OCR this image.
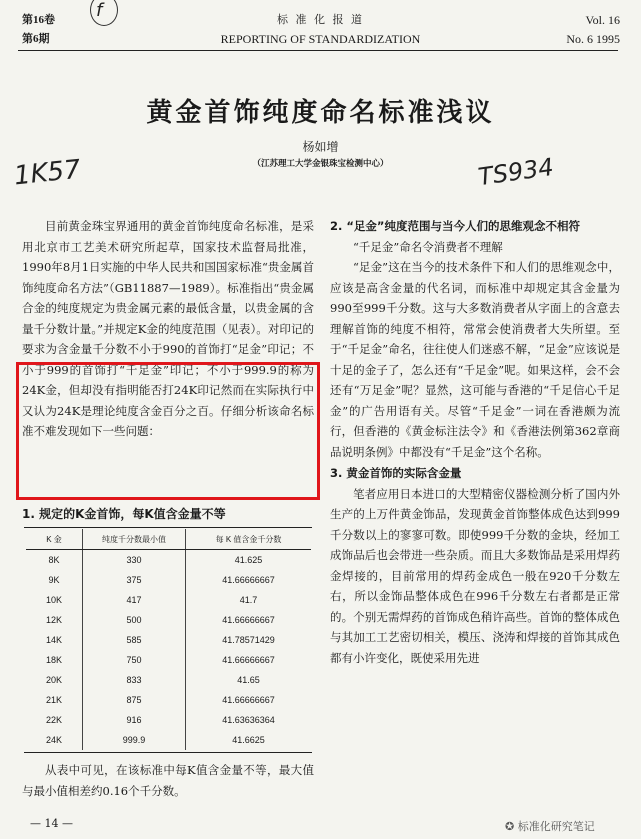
第16卷
第6期
标 准 化 报 道
REPORTING OF STANDARDIZATION
Vol. 16
No. 6 1995
f
1K57	TS934
黄金首饰纯度命名标准浅议
杨如增
（江苏理工大学金银珠宝检测中心）

目前黄金珠宝界通用的黄金首饰纯度命名标准，是采用北京市工艺美术研究所起草，国家技术监督局批准，1990年8月1日实施的中华人民共和国国家标准“贵金属首饰纯度命名方法”（GB11887—1989）。标准指出“贵金属合金的纯度规定为贵金属元素的最低含量，以贵金属的含量千分数计量。”并规定K金的纯度范围（见表）。对印记的要求为含金量千分数不小于990的首饰打“足金”印记；不小于999的首饰打“千足金”印记；不小于999.9的称为24K金，但却没有指明能否打24K印记然而在实际执行中又认为24K是理论纯度含金百分之百。仔细分析该命名标准不难发现如下一些问题：

1. 规定的K金首饰，每K值含金量不等
K 金	纯度千分数最小值	每 K 值含金千分数
8K	330	41.625
9K	375	41.66666667
10K	417	41.7
12K	500	41.66666667
14K	585	41.78571429
18K	750	41.66666667
20K	833	41.65
21K	875	41.66666667
22K	916	41.63636364
24K	999.9	41.6625

从表中可见，在该标准中每K值含金量不等，最大值与最小值相差约0.16个千分数。

— 14 —

2. “足金”纯度范围与当今人们的思维观念不相符

“千足金”命名令消费者不理解

“足金”这在当今的技术条件下和人们的思维观念中，应该是高含金量的代名词，而标准中却规定其含金量为990至999千分数。这与大多数消费者从字面上的含意去理解首饰的纯度不相符，常常会使消费者大失所望。至于“千足金”命名，往往使人们迷惑不解，“足金”应该说是十足的金子了，怎么还有“千足金”呢。如果这样，会不会还有“万足金”呢？显然，这可能与香港的“千足信心千足金”的广告用语有关。尽管“千足金”一词在香港颇为流行，但香港的《黄金标注法令》和《香港法例第362章商品说明条例》中都没有“千足金”这个名称。

3. 黄金首饰的实际含金量

笔者应用日本进口的大型精密仪器检测分析了国内外生产的上万件黄金饰品，发现黄金首饰整体成色达到999千分数以上的寥寥可数。即使999千分数的金块，经加工成饰品后也会带进一些杂质。而且大多数饰品是采用焊药金焊接的，目前常用的焊药金成色一般在920千分数左右，所以金饰品整体成色在996千分数左右者都是正常的。个别无需焊药的首饰成色稍许高些。首饰的整体成色与其加工工艺密切相关，模压、浇涛和焊接的首饰其成色都有小许变化，既使采用先进

✪ 标准化研究笔记
